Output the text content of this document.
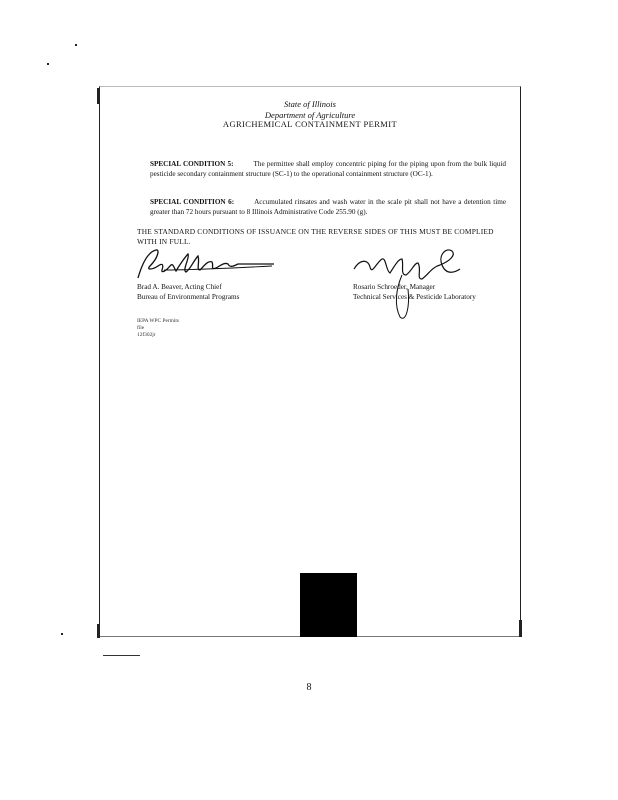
State of Illinois
Department of Agriculture
AGRICHEMICAL CONTAINMENT PERMIT
SPECIAL CONDITION 5:	The permittee shall employ concentric piping for the piping upon from the bulk liquid pesticide secondary containment structure (SC-1) to the operational containment structure (OC-1).
SPECIAL CONDITION 6:	Accumulated rinsates and wash water in the scale pit shall not have a detention time greater than 72 hours pursuant to 8 Illinois Administrative Code 255.90 (g).
THE STANDARD CONDITIONS OF ISSUANCE ON THE REVERSE SIDES OF THIS MUST BE COMPLIED WITH IN FULL.
Brad A. Beaver, Acting Chief
Bureau of Environmental Programs
Rosario Schroeder, Manager
Technical Services & Pesticide Laboratory
IEPA WPC Permits
file
12f302jr
8
